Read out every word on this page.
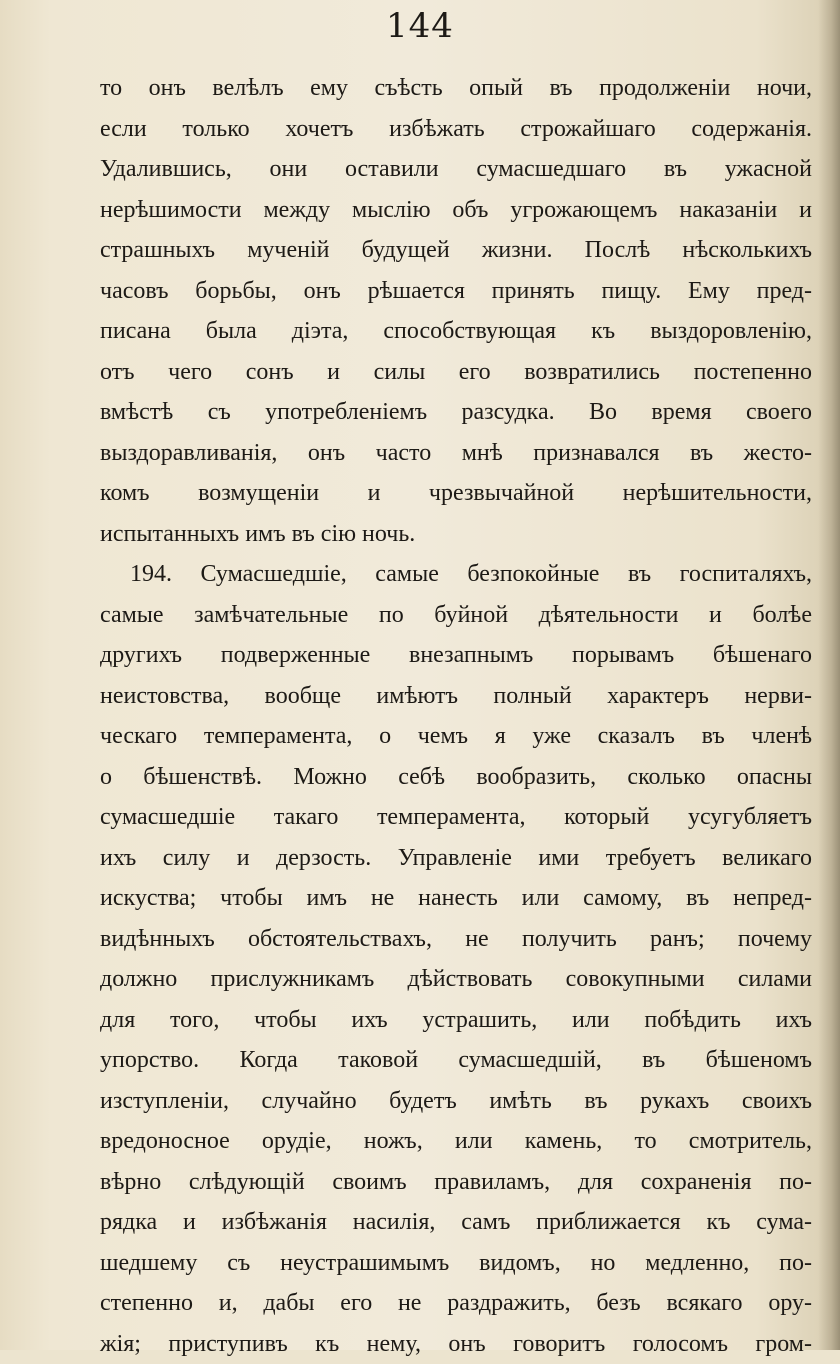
144
то онъ велѣлъ ему съѣсть опый въ продолженіи ночи,
если только хочетъ избѣжать строжайшаго содержанія.
Удалившись, они оставили сумасшедшаго въ ужасной
нерѣшимости между мыслію объ угрожающемъ наказаніи и
страшныхъ мученій будущей жизни. Послѣ нѣсколькихъ
часовъ борьбы, онъ рѣшается принять пищу. Ему пред-
писана была діэта, способствующая къ выздоровленію,
отъ чего сонъ и силы его возвратились постепенно
вмѣстѣ съ употребленіемъ разсудка. Во время своего
выздоравливанія, онъ часто мнѣ признавался въ жесто-
комъ возмущеніи и чрезвычайной нерѣшительности,
испытанныхъ имъ въ сію ночь.
194. Сумасшедшіе, самые безпокойные въ госпиталяхъ,
самые замѣчательные по буйной дѣятельности и болѣе
другихъ подверженные внезапнымъ порывамъ бѣшенаго
неистовства, вообще имѣютъ полный характеръ нерви-
ческаго темперамента, о чемъ я уже сказалъ въ членѣ
о бѣшенствѣ. Можно себѣ вообразить, сколько опасны
сумасшедшіе такаго темперамента, который усугубляетъ
ихъ силу и дерзость. Управленіе ими требуетъ великаго
искуства; чтобы имъ не нанесть или самому, въ непред-
видѣнныхъ обстоятельствахъ, не получить ранъ; почему
должно прислужникамъ дѣйствовать совокупными силами
для того, чтобы ихъ устрашить, или побѣдить ихъ
упорство. Когда таковой сумасшедшій, въ бѣшеномъ
изступленіи, случайно будетъ имѣть въ рукахъ своихъ
вредоносное орудіе, ножъ, или камень, то смотритель,
вѣрно слѣдующій своимъ правиламъ, для сохраненія по-
рядка и избѣжанія насилія, самъ приближается къ сума-
шедшему съ неустрашимымъ видомъ, но медленно, по-
степенно и, дабы его не раздражить, безъ всякаго ору-
жія; приступивъ къ нему, онъ говоритъ голосомъ гром-
